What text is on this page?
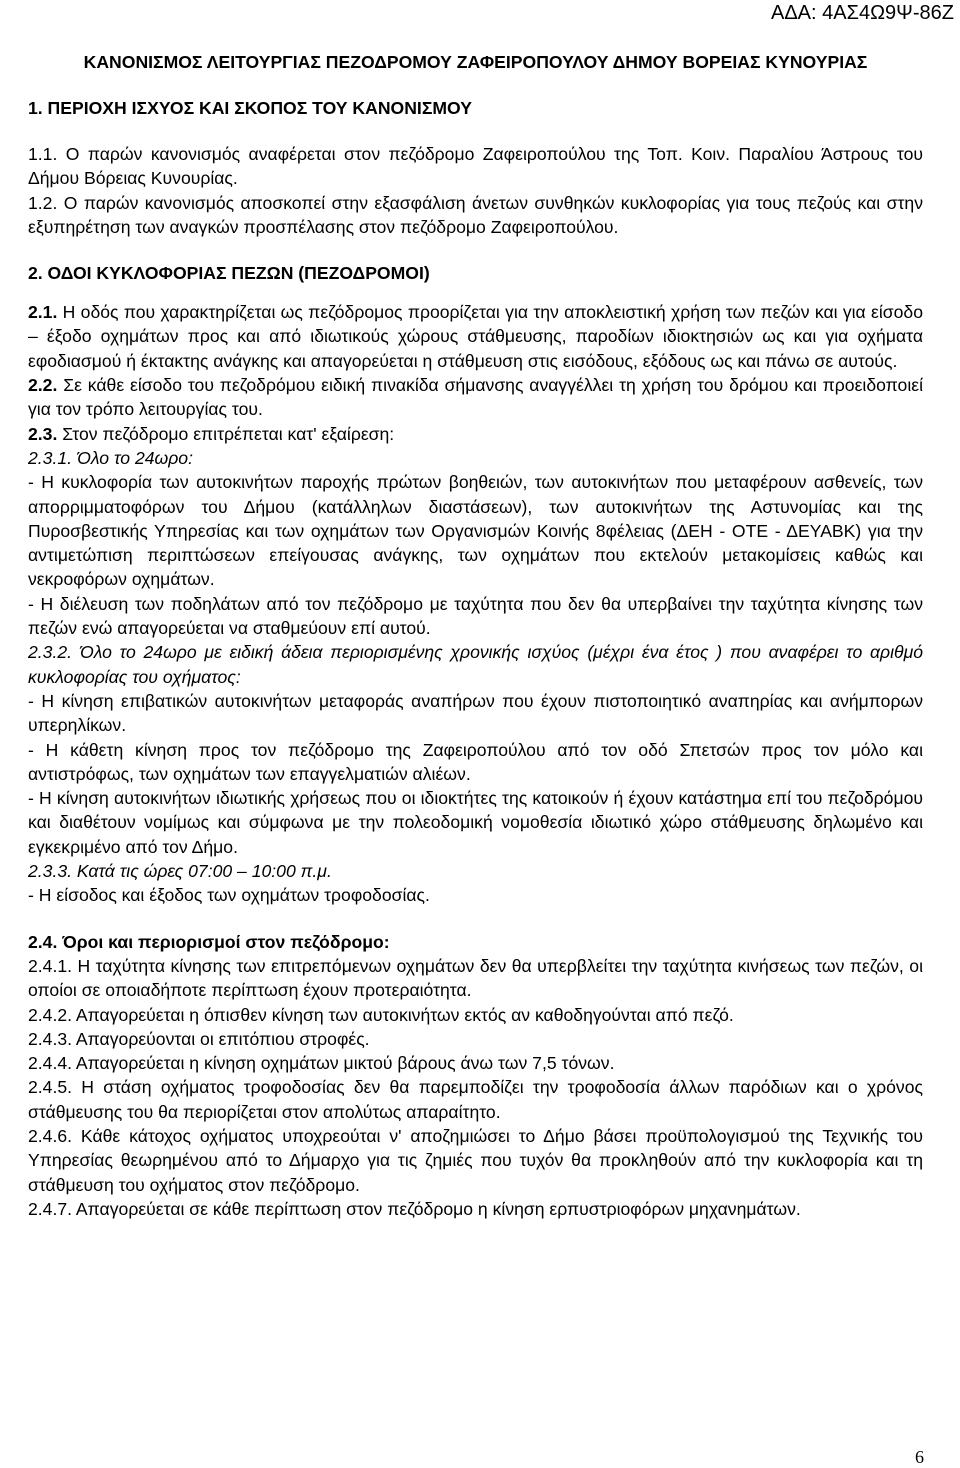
ΑΔΑ: 4ΑΣ4Ω9Ψ-86Ζ

ΚΑΝΟΝΙΣΜΟΣ ΛΕΙΤΟΥΡΓΙΑΣ ΠΕΖΟΔΡΟΜΟΥ ΖΑΦΕΙΡΟΠΟΥΛΟΥ ΔΗΜΟΥ ΒΟΡΕΙΑΣ ΚΥΝΟΥΡΙΑΣ

1. ΠΕΡΙΟΧΗ ΙΣΧΥΟΣ ΚΑΙ ΣΚΟΠΟΣ ΤΟΥ ΚΑΝΟΝΙΣΜΟΥ

1.1. Ο παρών κανονισμός αναφέρεται στον πεζόδρομο Ζαφειροπούλου της Τοπ. Κοιν. Παραλίου Άστρους του Δήμου Βόρειας Κυνουρίας.

1.2. Ο παρών κανονισμός αποσκοπεί στην εξασφάλιση άνετων συνθηκών κυκλοφορίας για τους πεζούς και στην εξυπηρέτηση των αναγκών προσπέλασης στον πεζόδρομο Ζαφειροπούλου.

2. ΟΔΟΙ ΚΥΚΛΟΦΟΡΙΑΣ ΠΕΖΩΝ (ΠΕΖΟΔΡΟΜΟΙ)

2.1. Η οδός που χαρακτηρίζεται ως πεζόδρομος προορίζεται για την αποκλειστική χρήση των πεζών και για είσοδο – έξοδο οχημάτων προς και από ιδιωτικούς χώρους στάθμευσης, παροδίων ιδιοκτησιών ως και για οχήματα εφοδιασμού ή έκτακτης ανάγκης και απαγορεύεται η στάθμευση στις εισόδους, εξόδους ως και πάνω σε αυτούς.

2.2. Σε κάθε είσοδο του πεζοδρόμου ειδική πινακίδα σήμανσης αναγγέλλει τη χρήση του δρόμου και προειδοποιεί για τον τρόπο λειτουργίας του.

2.3. Στον πεζόδρομο επιτρέπεται κατ' εξαίρεση:

2.3.1. Όλο το 24ωρο:

- Η κυκλοφορία των αυτοκινήτων παροχής πρώτων βοηθειών, των αυτοκινήτων που μεταφέρουν ασθενείς, των απορριμματοφόρων του Δήμου (κατάλληλων διαστάσεων), των αυτοκινήτων της Αστυνομίας και της Πυροσβεστικής Υπηρεσίας και των οχημάτων των Οργανισμών Κοινής 8φέλειας (ΔΕΗ - ΟΤΕ - ΔΕΥΑΒΚ) για την αντιμετώπιση περιπτώσεων επείγουσας ανάγκης, των οχημάτων που εκτελούν μετακομίσεις καθώς και νεκροφόρων οχημάτων.

- Η διέλευση των ποδηλάτων από τον πεζόδρομο με ταχύτητα που δεν θα υπερβαίνει την ταχύτητα κίνησης των πεζών ενώ απαγορεύεται να σταθμεύουν επί αυτού.

2.3.2. Όλο το 24ωρο με ειδική άδεια περιορισμένης χρονικής ισχύος (μέχρι ένα έτος ) που αναφέρει το αριθμό κυκλοφορίας του οχήματος:

- Η κίνηση επιβατικών αυτοκινήτων μεταφοράς αναπήρων που έχουν πιστοποιητικό αναπηρίας και ανήμπορων υπερηλίκων.

- Η κάθετη κίνηση προς τον πεζόδρομο της Ζαφειροπούλου από τον οδό Σπετσών προς τον μόλο και αντιστρόφως, των οχημάτων των επαγγελματιών αλιέων.

- Η κίνηση αυτοκινήτων ιδιωτικής χρήσεως που οι ιδιοκτήτες της κατοικούν ή έχουν κατάστημα επί του πεζοδρόμου και διαθέτουν νομίμως και σύμφωνα με την πολεοδομική νομοθεσία ιδιωτικό χώρο στάθμευσης δηλωμένο και εγκεκριμένο από τον Δήμο.

2.3.3. Κατά τις ώρες 07:00 – 10:00 π.μ.

- Η είσοδος και έξοδος των οχημάτων τροφοδοσίας.

2.4. Όροι και περιορισμοί στον πεζόδρομο:

2.4.1. Η ταχύτητα κίνησης των επιτρεπόμενων οχημάτων δεν θα υπερβλείτει την ταχύτητα κινήσεως των πεζών, οι οποίοι σε οποιαδήποτε περίπτωση έχουν προτεραιότητα.

2.4.2. Απαγορεύεται η όπισθεν κίνηση των αυτοκινήτων εκτός αν καθοδηγούνται από πεζό.

2.4.3. Απαγορεύονται οι επιτόπιου στροφές.

2.4.4. Απαγορεύεται η κίνηση οχημάτων μικτού βάρους άνω των 7,5 τόνων.

2.4.5. Η στάση οχήματος τροφοδοσίας δεν θα παρεμποδίζει την τροφοδοσία άλλων παρόδιων και ο χρόνος στάθμευσης του θα περιορίζεται στον απολύτως απαραίτητο.

2.4.6. Κάθε κάτοχος οχήματος υποχρεούται ν' αποζημιώσει το Δήμο βάσει προϋπολογισμού της Τεχνικής του Υπηρεσίας θεωρημένου από το Δήμαρχο για τις ζημιές που τυχόν θα προκληθούν από την κυκλοφορία και τη στάθμευση του οχήματος στον πεζόδρομο.

2.4.7. Απαγορεύεται σε κάθε περίπτωση στον πεζόδρομο η κίνηση ερπυστριοφόρων μηχανημάτων.

6
